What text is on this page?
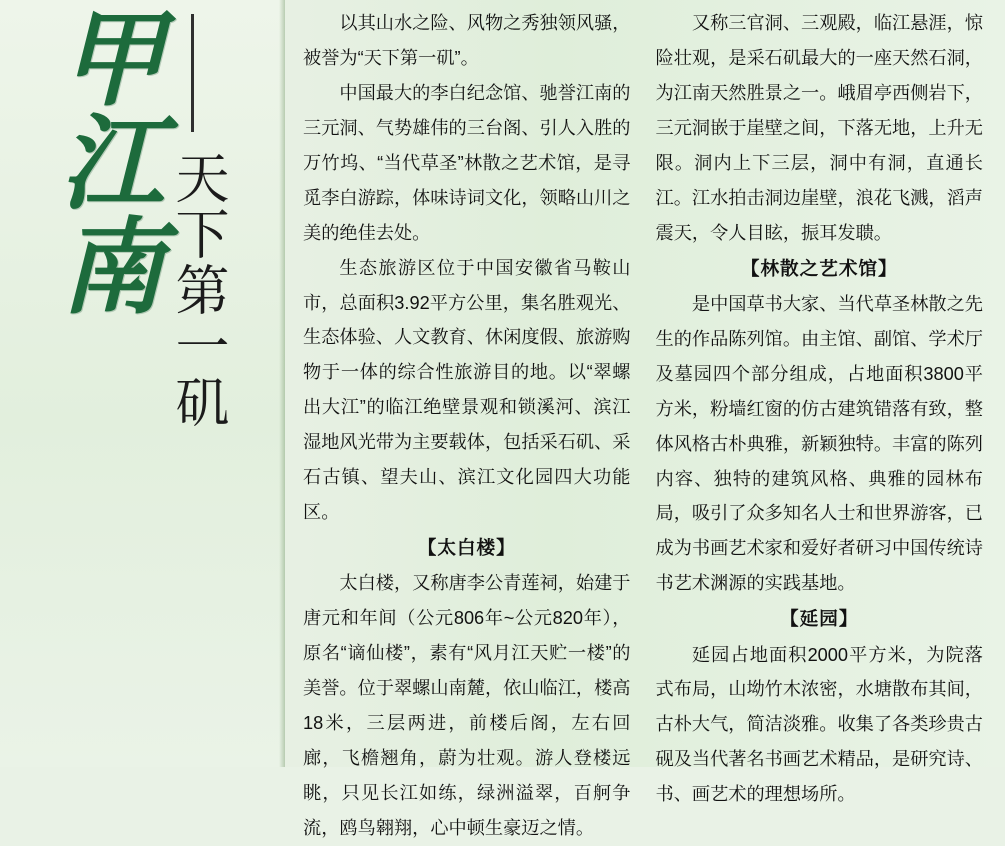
甲江南 天下第一矶

以其山水之险、风物之秀独领风骚，被誉为“天下第一矶”。

中国最大的李白纪念馆、驰誉江南的三元洞、气势雄伟的三台阁、引人入胜的万竹坞、“当代草圣”林散之艺术馆，是寻觅李白游踪，体味诗词文化，领略山川之美的绝佳去处。

生态旅游区位于中国安徽省马鞍山市，总面积3.92平方公里，集名胜观光、生态体验、人文教育、休闲度假、旅游购物于一体的综合性旅游目的地。以“翠螺出大江”的临江绝壁景观和锁溪河、滨江湿地风光带为主要载体，包括采石矶、采石古镇、望夫山、滨江文化园四大功能区。

【太白楼】

太白楼，又称唐李公青莲祠，始建于唐元和年间（公元806年~公元820年），原名“谪仙楼”，素有“风月江天贮一楼”的美誉。位于翠螺山南麓，依山临江，楼高18米，三层两进，前楼后阁，左右回廊，飞檐翘角，蔚为壮观。游人登楼远眺，只见长江如练，绿洲溢翠，百舸争流，鸥鸟翱翔，心中顿生豪迈之情。

又称三官洞、三观殿，临江悬涯，惊险壮观，是采石矶最大的一座天然石洞，为江南天然胜景之一。峨眉亭西侧岩下，三元洞嵌于崖壁之间，下落无地，上升无限。洞内上下三层，洞中有洞，直通长江。江水拍击洞边崖壁，浪花飞溅，滔声震天，令人目眩，振耳发聩。

【林散之艺术馆】

是中国草书大家、当代草圣林散之先生的作品陈列馆。由主馆、副馆、学术厅及墓园四个部分组成，占地面积3800平方米，粉墙红窗的仿古建筑错落有致，整体风格古朴典雅，新颖独特。丰富的陈列内容、独特的建筑风格、典雅的园林布局，吸引了众多知名人士和世界游客，已成为书画艺术家和爱好者研习中国传统诗书艺术渊源的实践基地。

【延园】

延园占地面积2000平方米，为院落式布局，山坳竹木浓密，水塘散布其间，古朴大气，简洁淡雅。收集了各类珍贵古砚及当代著名书画艺术精品，是研究诗、书、画艺术的理想场所。
